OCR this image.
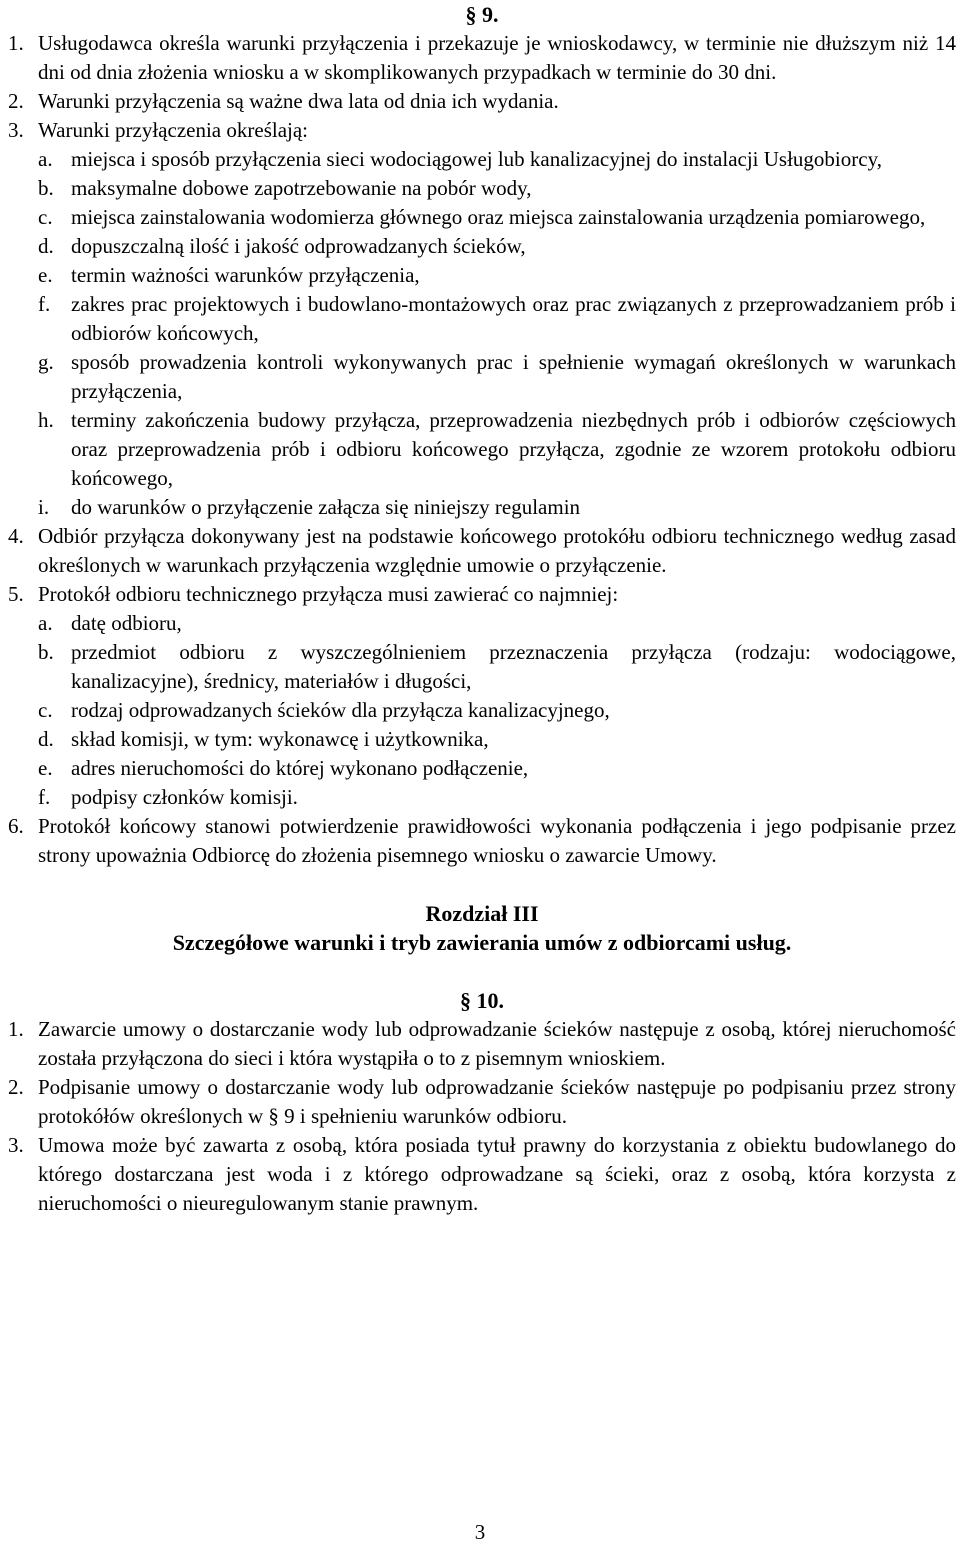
§ 9.
1. Usługodawca określa warunki przyłączenia i przekazuje je wnioskodawcy, w terminie nie dłuższym niż 14 dni od dnia złożenia wniosku a w skomplikowanych przypadkach w terminie do 30 dni.
2. Warunki przyłączenia są ważne dwa lata od dnia ich wydania.
3. Warunki przyłączenia określają:
a. miejsca i sposób przyłączenia sieci wodociągowej lub kanalizacyjnej do instalacji Usługobiorcy,
b. maksymalne dobowe zapotrzebowanie na pobór wody,
c. miejsca zainstalowania wodomierza głównego oraz miejsca zainstalowania urządzenia pomiarowego,
d. dopuszczalną ilość i jakość odprowadzanych ścieków,
e. termin ważności warunków przyłączenia,
f. zakres prac projektowych i budowlano-montażowych oraz prac związanych z przeprowadzaniem prób i odbiorów końcowych,
g. sposób prowadzenia kontroli wykonywanych prac i spełnienie wymagań określonych w warunkach przyłączenia,
h. terminy zakończenia budowy przyłącza, przeprowadzenia niezbędnych prób i odbiorów częściowych oraz przeprowadzenia prób i odbioru końcowego przyłącza, zgodnie ze wzorem protokołu odbioru końcowego,
i.	do warunków o przyłączenie załącza się niniejszy regulamin
4. Odbiór przyłącza dokonywany jest na podstawie końcowego protokółu odbioru technicznego według zasad określonych w warunkach przyłączenia względnie umowie o przyłączenie.
5. Protokół odbioru technicznego przyłącza musi zawierać co najmniej:
a. datę odbioru,
b. przedmiot odbioru z wyszczególnieniem przeznaczenia przyłącza (rodzaju: wodociągowe, kanalizacyjne), średnicy, materiałów i długości,
c. rodzaj odprowadzanych ścieków dla przyłącza kanalizacyjnego,
d. skład komisji, w tym: wykonawcę i użytkownika,
e. adres nieruchomości do której wykonano podłączenie,
f. podpisy członków komisji.
6. Protokół końcowy stanowi potwierdzenie prawidłowości wykonania podłączenia i jego podpisanie przez strony upoważnia Odbiorcę do złożenia pisemnego wniosku o zawarcie Umowy.
Rozdział III
Szczegółowe warunki i tryb zawierania umów z odbiorcami usług.
§ 10.
1. Zawarcie umowy o dostarczanie wody lub odprowadzanie ścieków następuje z osobą, której nieruchomość została przyłączona do sieci i która wystąpiła o to z pisemnym wnioskiem.
2. Podpisanie umowy o dostarczanie wody lub odprowadzanie ścieków następuje po podpisaniu przez strony protokółów określonych w § 9 i spełnieniu warunków odbioru.
3. Umowa może być zawarta z osobą, która posiada tytuł prawny do korzystania z obiektu budowlanego do którego dostarczana jest woda i z którego odprowadzane są ścieki, oraz z osobą, która korzysta z nieruchomości o nieuregulowanym stanie prawnym.
3
